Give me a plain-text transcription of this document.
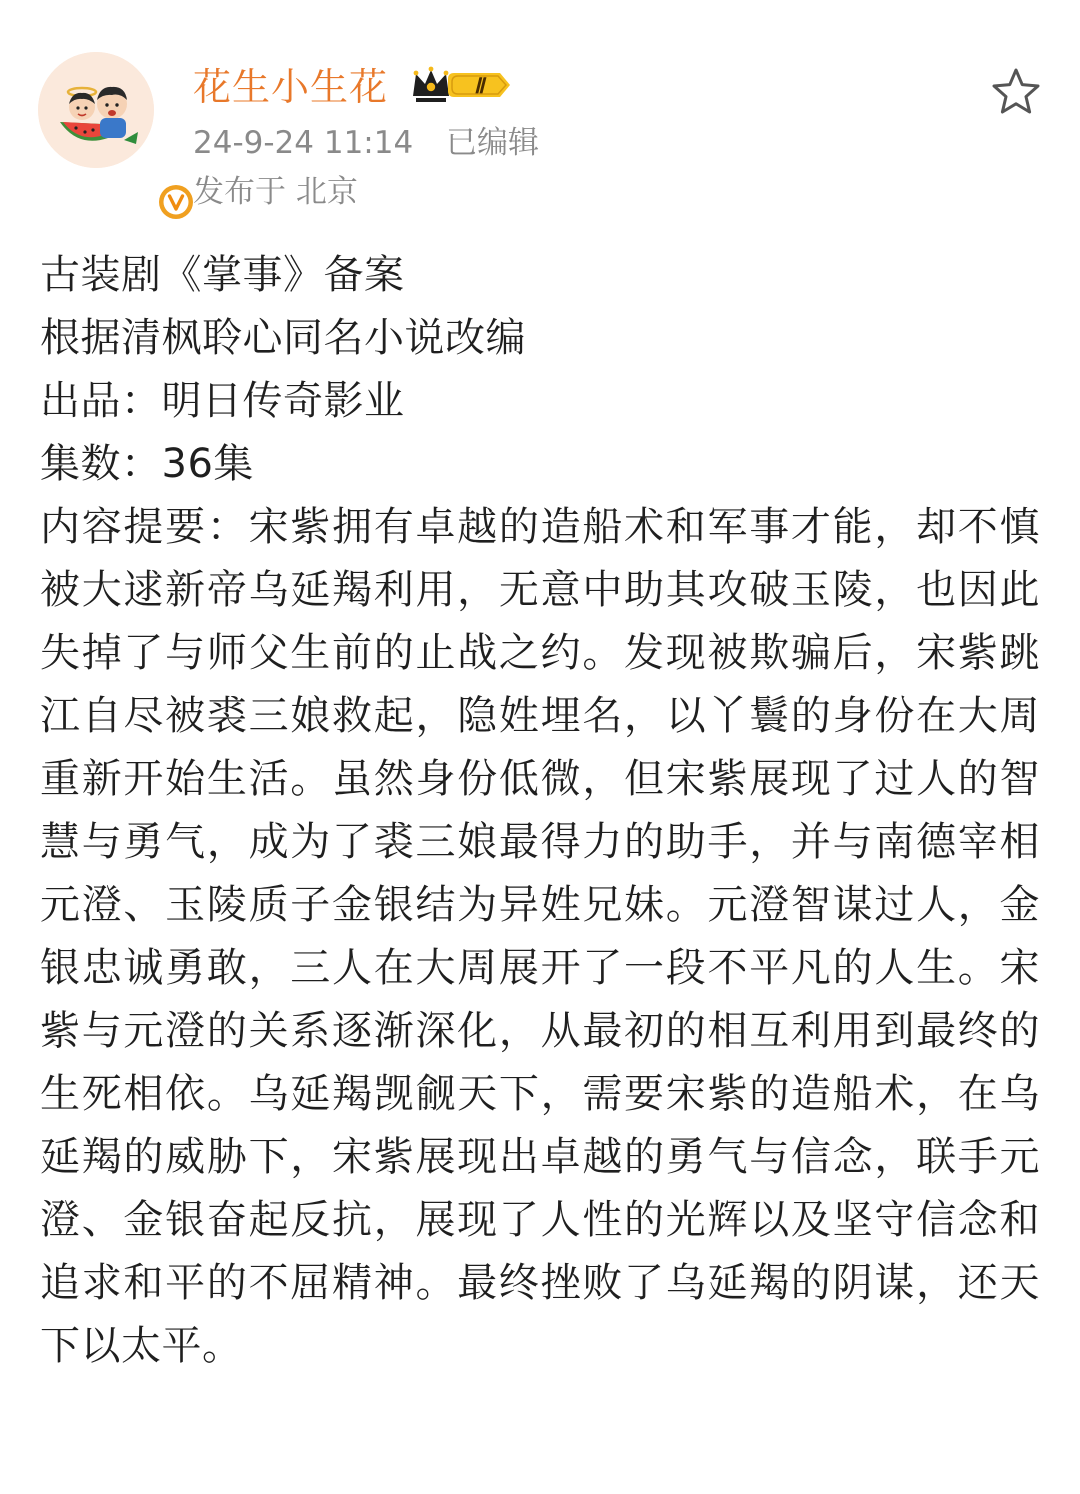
花生小生花	Ⅱ
24-9-24 11:14 已编辑
发布于 北京
古装剧《掌事》备案
根据清枫聆心同名小说改编
出品：明日传奇影业
集数：36集
内容提要：宋紫拥有卓越的造船术和军事才能，却不慎被大逑新帝乌延羯利用，无意中助其攻破玉陵，也因此失掉了与师父生前的止战之约。发现被欺骗后，宋紫跳江自尽被裘三娘救起，隐姓埋名，以丫鬟的身份在大周重新开始生活。虽然身份低微，但宋紫展现了过人的智慧与勇气，成为了裘三娘最得力的助手，并与南德宰相元澄、玉陵质子金银结为异姓兄妹。元澄智谋过人，金银忠诚勇敢，三人在大周展开了一段不平凡的人生。宋紫与元澄的关系逐渐深化，从最初的相互利用到最终的生死相依。乌延羯觊觎天下，需要宋紫的造船术，在乌延羯的威胁下，宋紫展现出卓越的勇气与信念，联手元澄、金银奋起反抗，展现了人性的光辉以及坚守信念和追求和平的不屈精神。最终挫败了乌延羯的阴谋，还天下以太平。
